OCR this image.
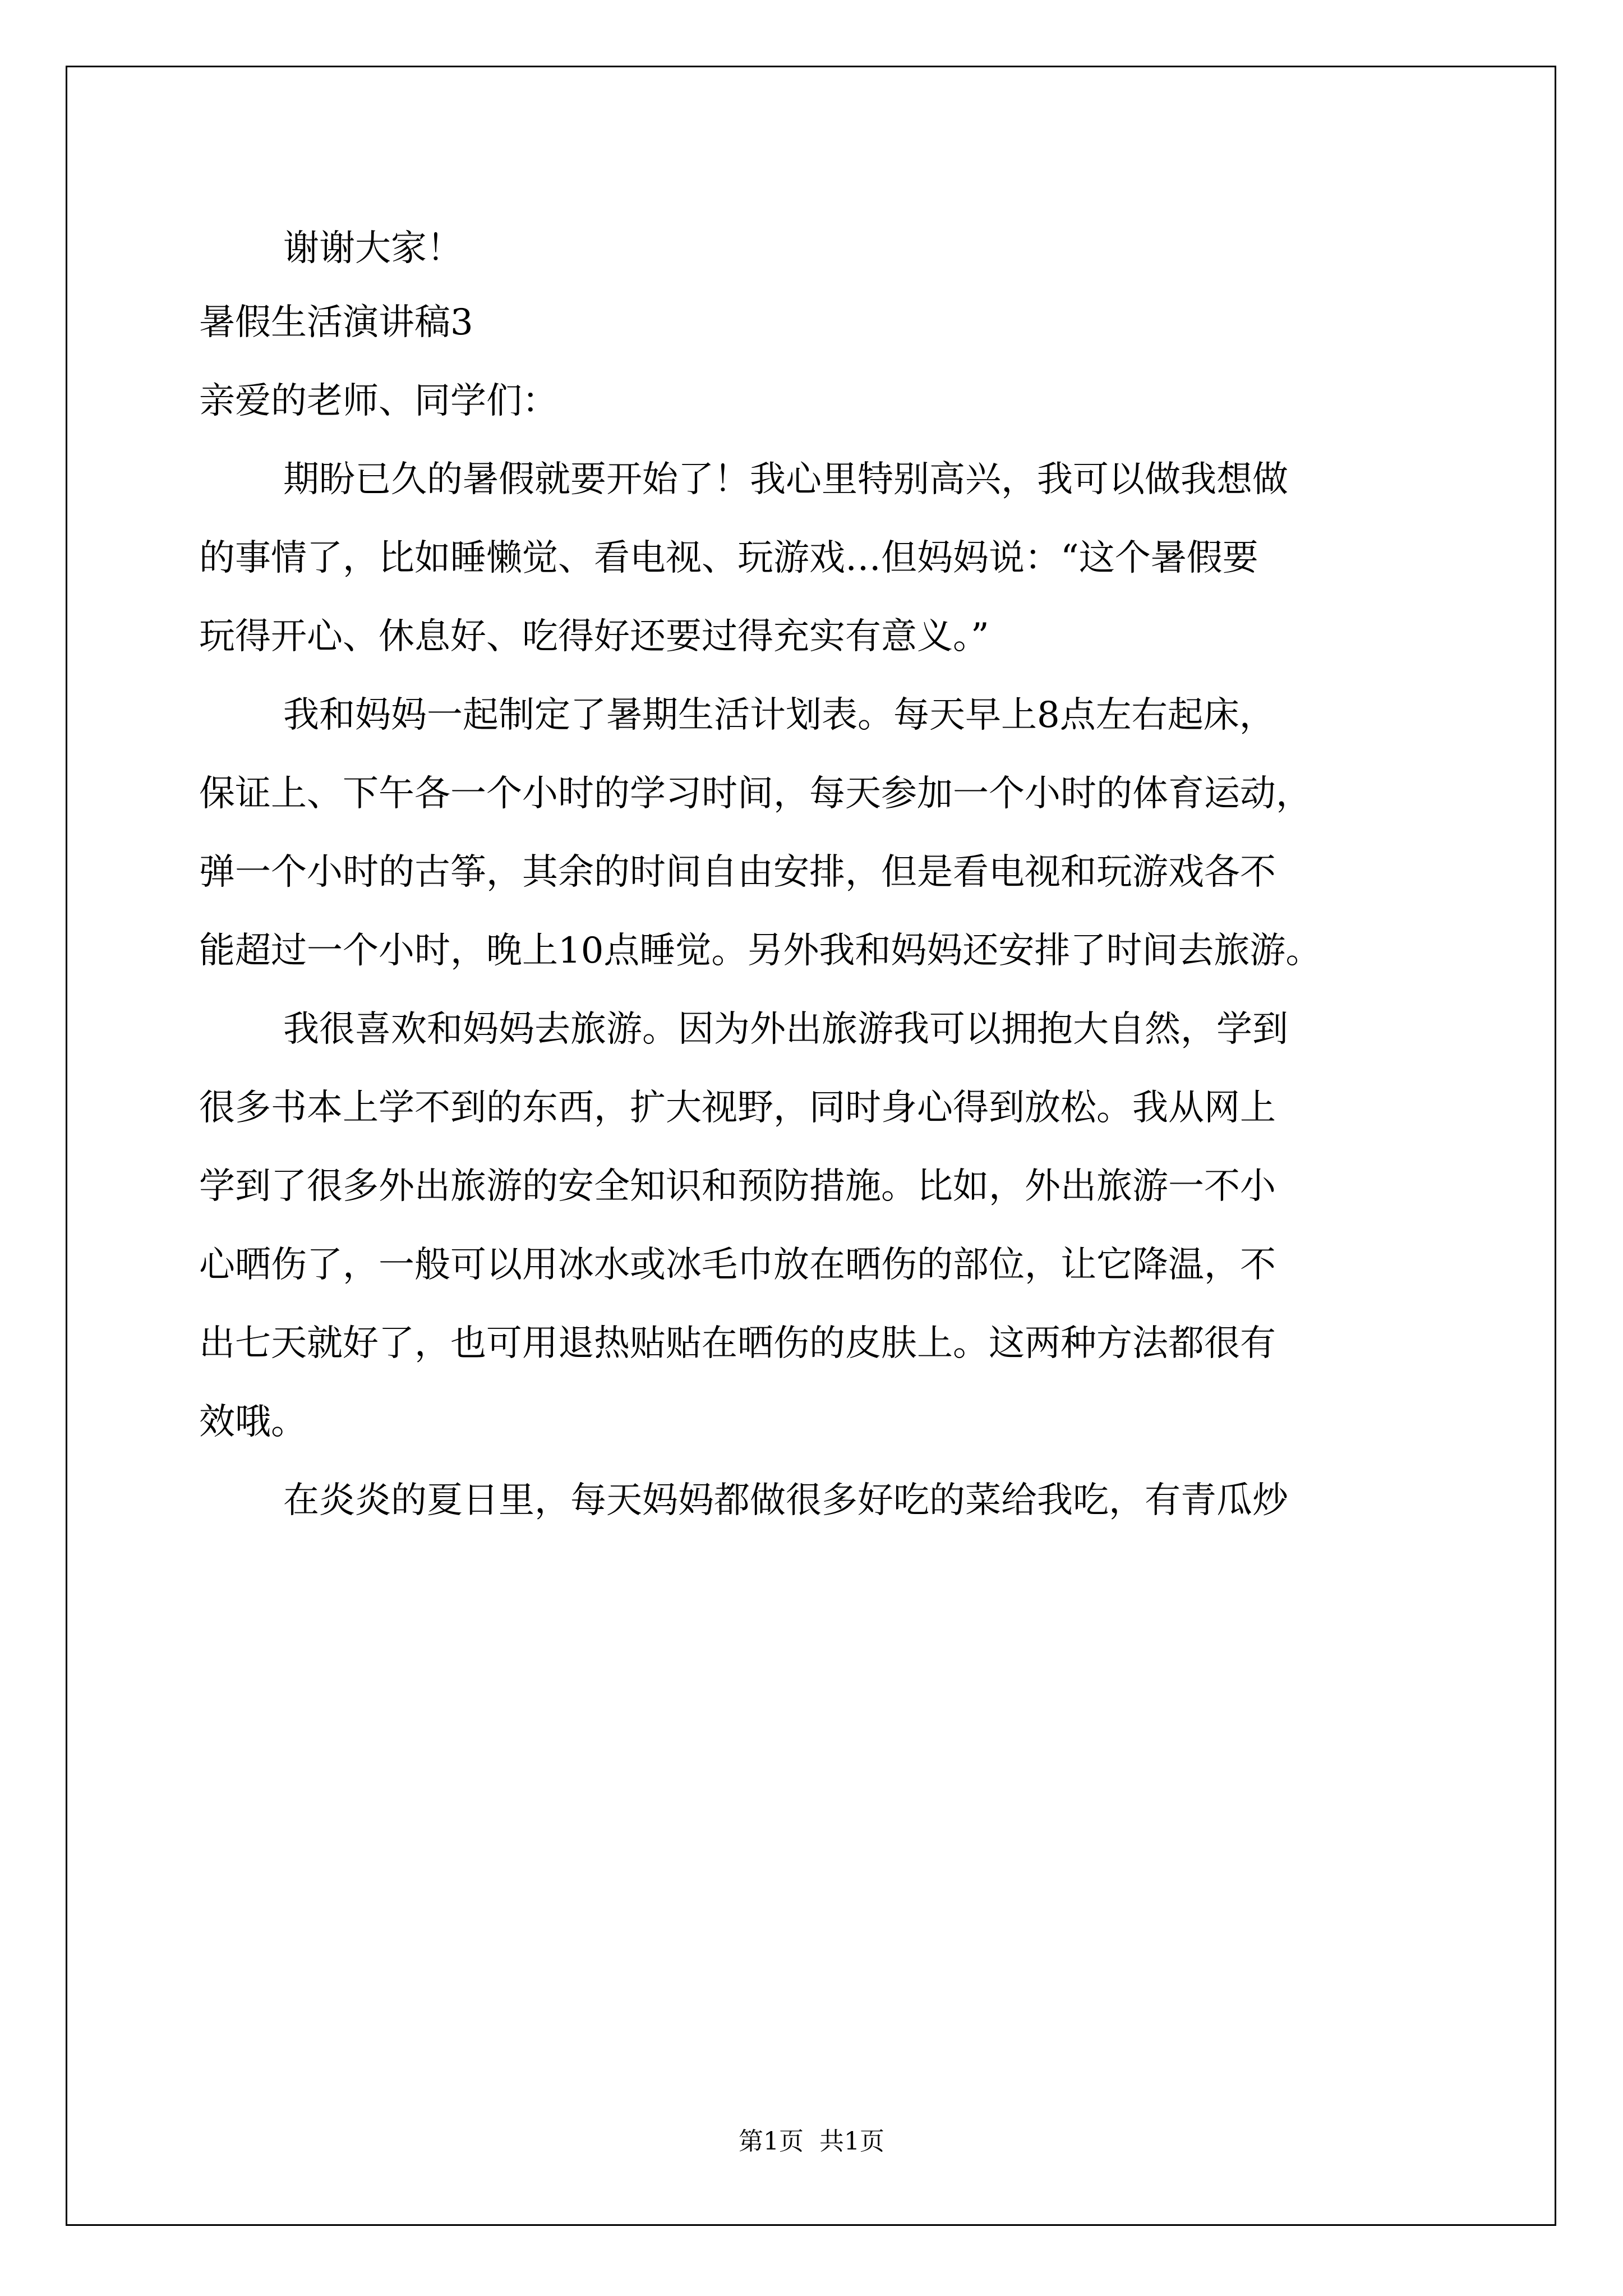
谢谢大家！
暑假生活演讲稿3
亲爱的老师、同学们：
期盼已久的暑假就要开始了！我心里特别高兴，我可以做我想做
的事情了，比如睡懒觉、看电视、玩游戏…但妈妈说：“这个暑假要
玩得开心、休息好、吃得好还要过得充实有意义。”
我和妈妈一起制定了暑期生活计划表。每天早上8点左右起床，
保证上、下午各一个小时的学习时间，每天参加一个小时的体育运动，
弹一个小时的古筝，其余的时间自由安排，但是看电视和玩游戏各不
能超过一个小时，晚上10点睡觉。另外我和妈妈还安排了时间去旅游。
我很喜欢和妈妈去旅游。因为外出旅游我可以拥抱大自然，学到
很多书本上学不到的东西，扩大视野，同时身心得到放松。我从网上
学到了很多外出旅游的安全知识和预防措施。比如，外出旅游一不小
心晒伤了，一般可以用冰水或冰毛巾放在晒伤的部位，让它降温，不
出七天就好了，也可用退热贴贴在晒伤的皮肤上。这两种方法都很有
效哦。
在炎炎的夏日里，每天妈妈都做很多好吃的菜给我吃，有青瓜炒
第1页  共1页
